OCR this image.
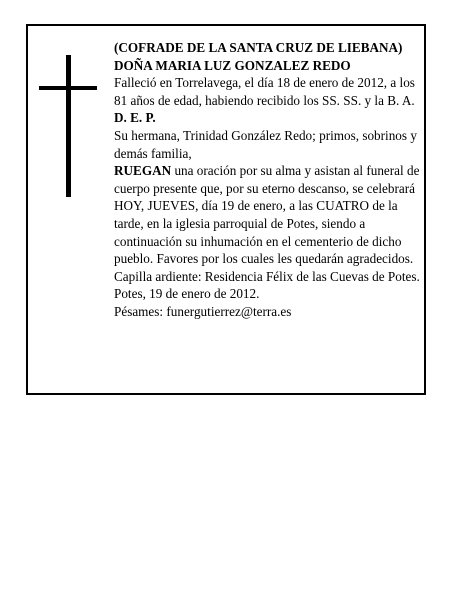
(COFRADE DE LA SANTA CRUZ DE LIEBANA)

DOÑA MARIA LUZ GONZALEZ REDO

Falleció en Torrelavega, el día 18 de enero de 2012, a los 81 años de edad, habiendo recibido los SS. SS. y la B. A.

D. E. P.

Su hermana, Trinidad González Redo; primos, sobrinos y demás familia,

RUEGAN una oración por su alma y asistan al funeral de cuerpo presente que, por su eterno descanso, se celebrará HOY, JUEVES, día 19 de enero, a las CUATRO de la tarde, en la iglesia parroquial de Potes, siendo a continuación su inhumación en el cementerio de dicho pueblo. Favores por los cuales les quedarán agradecidos. Capilla ardiente: Residencia Félix de las Cuevas de Potes.

Potes, 19 de enero de 2012.

Pésames: funergutierrez@terra.es
